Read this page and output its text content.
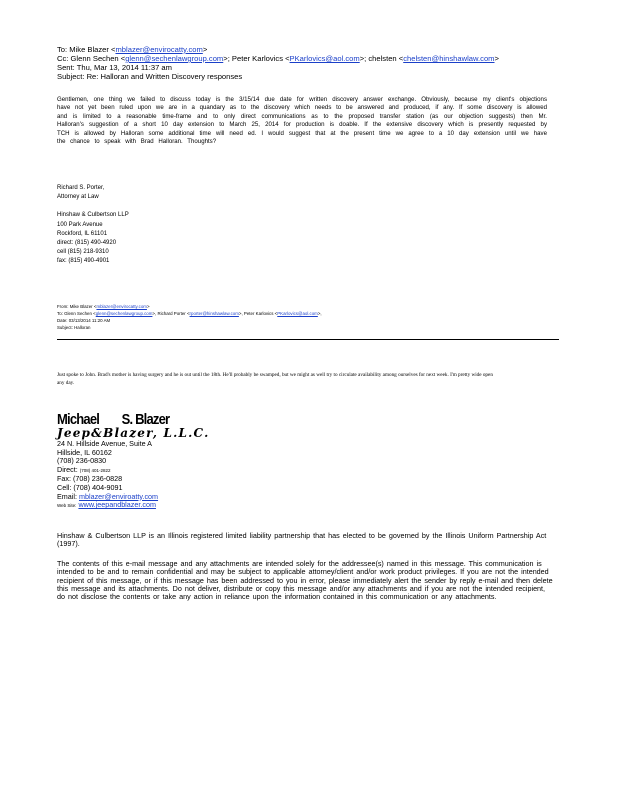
To: Mike Blazer <mblazer@envirocatty.com>
Cc: Glenn Sechen <glenn@sechenlawgroup.com>; Peter Karlovics <PKarlovics@aol.com>; chelsten <chelsten@hinshawlaw.com>
Sent: Thu, Mar 13, 2014 11:37 am
Subject: Re: Halloran and Written Discovery responses
Gentlemen, one thing we failed to discuss today is the 3/15/14 due date for written discovery answer exchange. Obviously, because my client's objections have not yet been ruled upon we are in a quandary as to the discovery which needs to be answered and produced, if any. If some discovery is allowed and is limited to a reasonable time-frame and to only direct communications as to the proposed transfer station (as our objection suggests) then Mr. Halloran's suggestion of a short 10 day extension to March 25, 2014 for production is doable. If the extensive discovery which is presently requested by TCH is allowed by Halloran some additional time will need ed. I would suggest that at the present time we agree to a 10 day extension until we have the chance to speak with Brad Halloran. Thoughts?
Richard S. Porter,
Attorney at Law
Hinshaw & Culbertson LLP
100 Park Avenue
Rockford, IL 61101
direct: (815) 490-4920
cell (815) 218-9310
fax: (815) 490-4901
From: Mike Blazer <mblazer@envirocatty.com>
To: Glenn Sechen <glenn@sechenlawgroup.com>, Richard Porter <rporter@hinshawlaw.com>, Peter Karlovics <PKarlovics@aol.com>,
Date: 03/13/2014 11:20 AM
Subject: Halloran
Just spoke to John. Brad's mother is having surgery and he is out until the 18th. He'll probably be swamped, but we might as well try to circulate availability among ourselves for next week. I'm pretty wide open any day.
Michael S. Blazer
Jeep&Blazer, L.L.C.
24 N. Hillside Avenue, Suite A
Hillside, IL 60162
(708) 236-0830
Direct: (708) 401-2822
Fax: (708) 236-0828
Cell: (708) 404-9091
Email: mblazer@enviroatty.com
Web Site: www.jeepandblazer.com
Hinshaw & Culbertson LLP is an Illinois registered limited liability partnership that has elected to be governed by the Illinois Uniform Partnership Act (1997).
The contents of this e-mail message and any attachments are intended solely for the addressee(s) named in this message. This communication is intended to be and to remain confidential and may be subject to applicable attorney/client and/or work product privileges. If you are not the intended recipient of this message, or if this message has been addressed to you in error, please immediately alert the sender by reply e-mail and then delete this message and its attachments. Do not deliver, distribute or copy this message and/or any attachments and if you are not the intended recipient, do not disclose the contents or take any action in reliance upon the information contained in this communication or any attachments.
